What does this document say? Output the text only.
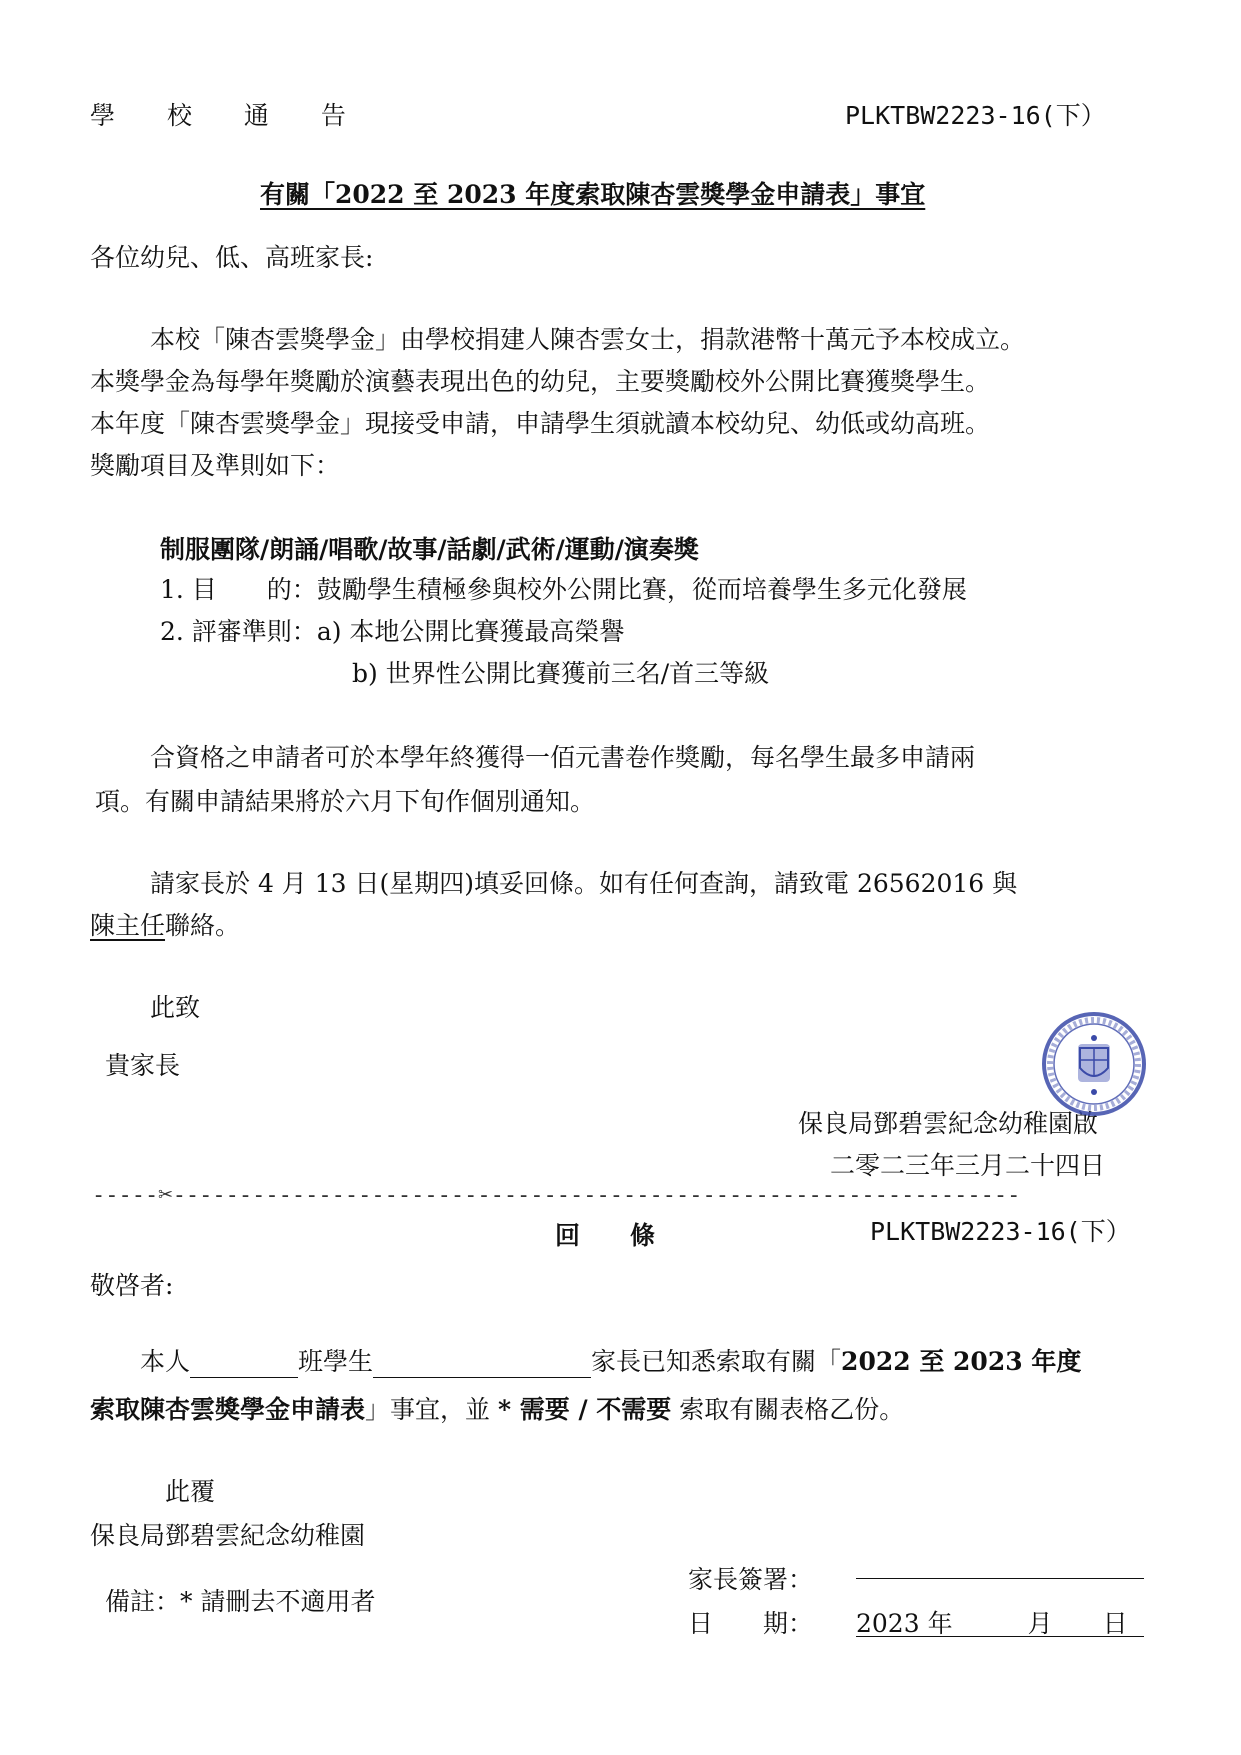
學 校 通 告	PLKTBW2223-16(下）
有關「2022 至 2023 年度索取陳杏雲獎學金申請表」事宜
各位幼兒、低、高班家長:
本校「陳杏雲獎學金」由學校捐建人陳杏雲女士，捐款港幣十萬元予本校成立。
本獎學金為每學年獎勵於演藝表現出色的幼兒，主要獎勵校外公開比賽獲獎學生。
本年度「陳杏雲獎學金」現接受申請，申請學生須就讀本校幼兒、幼低或幼高班。
獎勵項目及準則如下：
制服團隊/朗誦/唱歌/故事/話劇/武術/運動/演奏獎
1. 目　　的：鼓勵學生積極參與校外公開比賽，從而培養學生多元化發展
2. 評審準則：a) 本地公開比賽獲最高榮譽
b) 世界性公開比賽獲前三名/首三等級
合資格之申請者可於本學年終獲得一佰元書卷作獎勵，每名學生最多申請兩
項。有關申請結果將於六月下旬作個別通知。
請家長於 4 月 13 日(星期四)填妥回條。如有任何查詢，請致電 26562016 與
陳主任聯絡。
此致
貴家長
保良局鄧碧雲紀念幼稚園啟
二零二三年三月二十四日
-----✂----------------------------------------------------------------
回　　條	PLKTBW2223-16(下）
敬啓者:
本人	班學生	家長已知悉索取有關「2022 至 2023 年度
索取陳杏雲獎學金申請表」事宜，並 * 需要 / 不需要 索取有關表格乙份。
此覆
保良局鄧碧雲紀念幼稚園
家長簽署：
備註：* 請刪去不適用者
日　　期： 2023 年　　　月　　日
